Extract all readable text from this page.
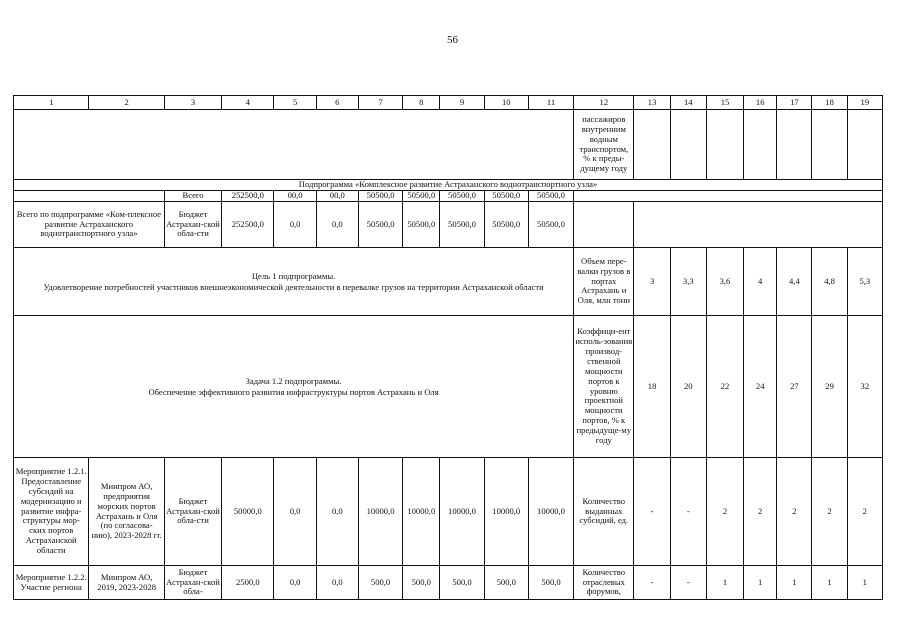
56
1	2	3	4	5	6	7	8	9	10	11	12	13	14	15	16	17	18	19
											пассажиров внутренним водным транспортом, % к преды-дущему году							
Подпрограмма «Комплексное развитие Астраханского воднотранспортного узла»																		
		Всего	252500,0	00,0	00,0	50500,0	50500,0	50500,0	50500,0	50500,0								
Всего по подпрограмме «Ком-плексное развитие Астраханского воднотранспортного узла»		Бюджет Астрахан-ской обла-сти	252500,0	0,0	0,0	50500,0	50500,0	50500,0	50500,0	50500,0								

Цель 1 подпрограммы.
Удовлетворение потребностей участников внешнеэкономической деятельности в перевалке грузов на территории Астраханской области											Объем пере-валки грузов в портах Астрахань и Оля, млн тонн	3	3,3	3,6	4	4,4	4,8	5,3

Задача 1.2 подпрограммы.
Обеспечение эффективного развития инфраструктуры портов Астрахань и Оля											Коэффици-ент исполь-зования производ-ственной мощности портов к уровню проектной мощности портов, % к предыдуще-му году	18	20	22	24	27	29	32
Мероприятие 1.2.1. Предоставление субсидий на модернизацию и развитие инфра-структуры мор-ских портов Астраханской области	Минпром АО, предприятия морских портов Астрахань и Оля (по согласова-нию), 2023-2028 гг.	Бюджет Астрахан-ской обла-сти	50000,0	0,0	0,0	10000,0	10000,0	10000,0	10000,0	10000,0	Количество выданных субсидий, ед.	-	-	2	2	2	2	2
Мероприятие 1.2.2. Участие региона	Минпром АО, 2019, 2023-2028	Бюджет Астрахан-ской обла-	2500,0	0,0	0,0	500,0	500,0	500,0	500,0	500,0	Количество отраслевых форумов,	-	-	1	1	1	1	1
